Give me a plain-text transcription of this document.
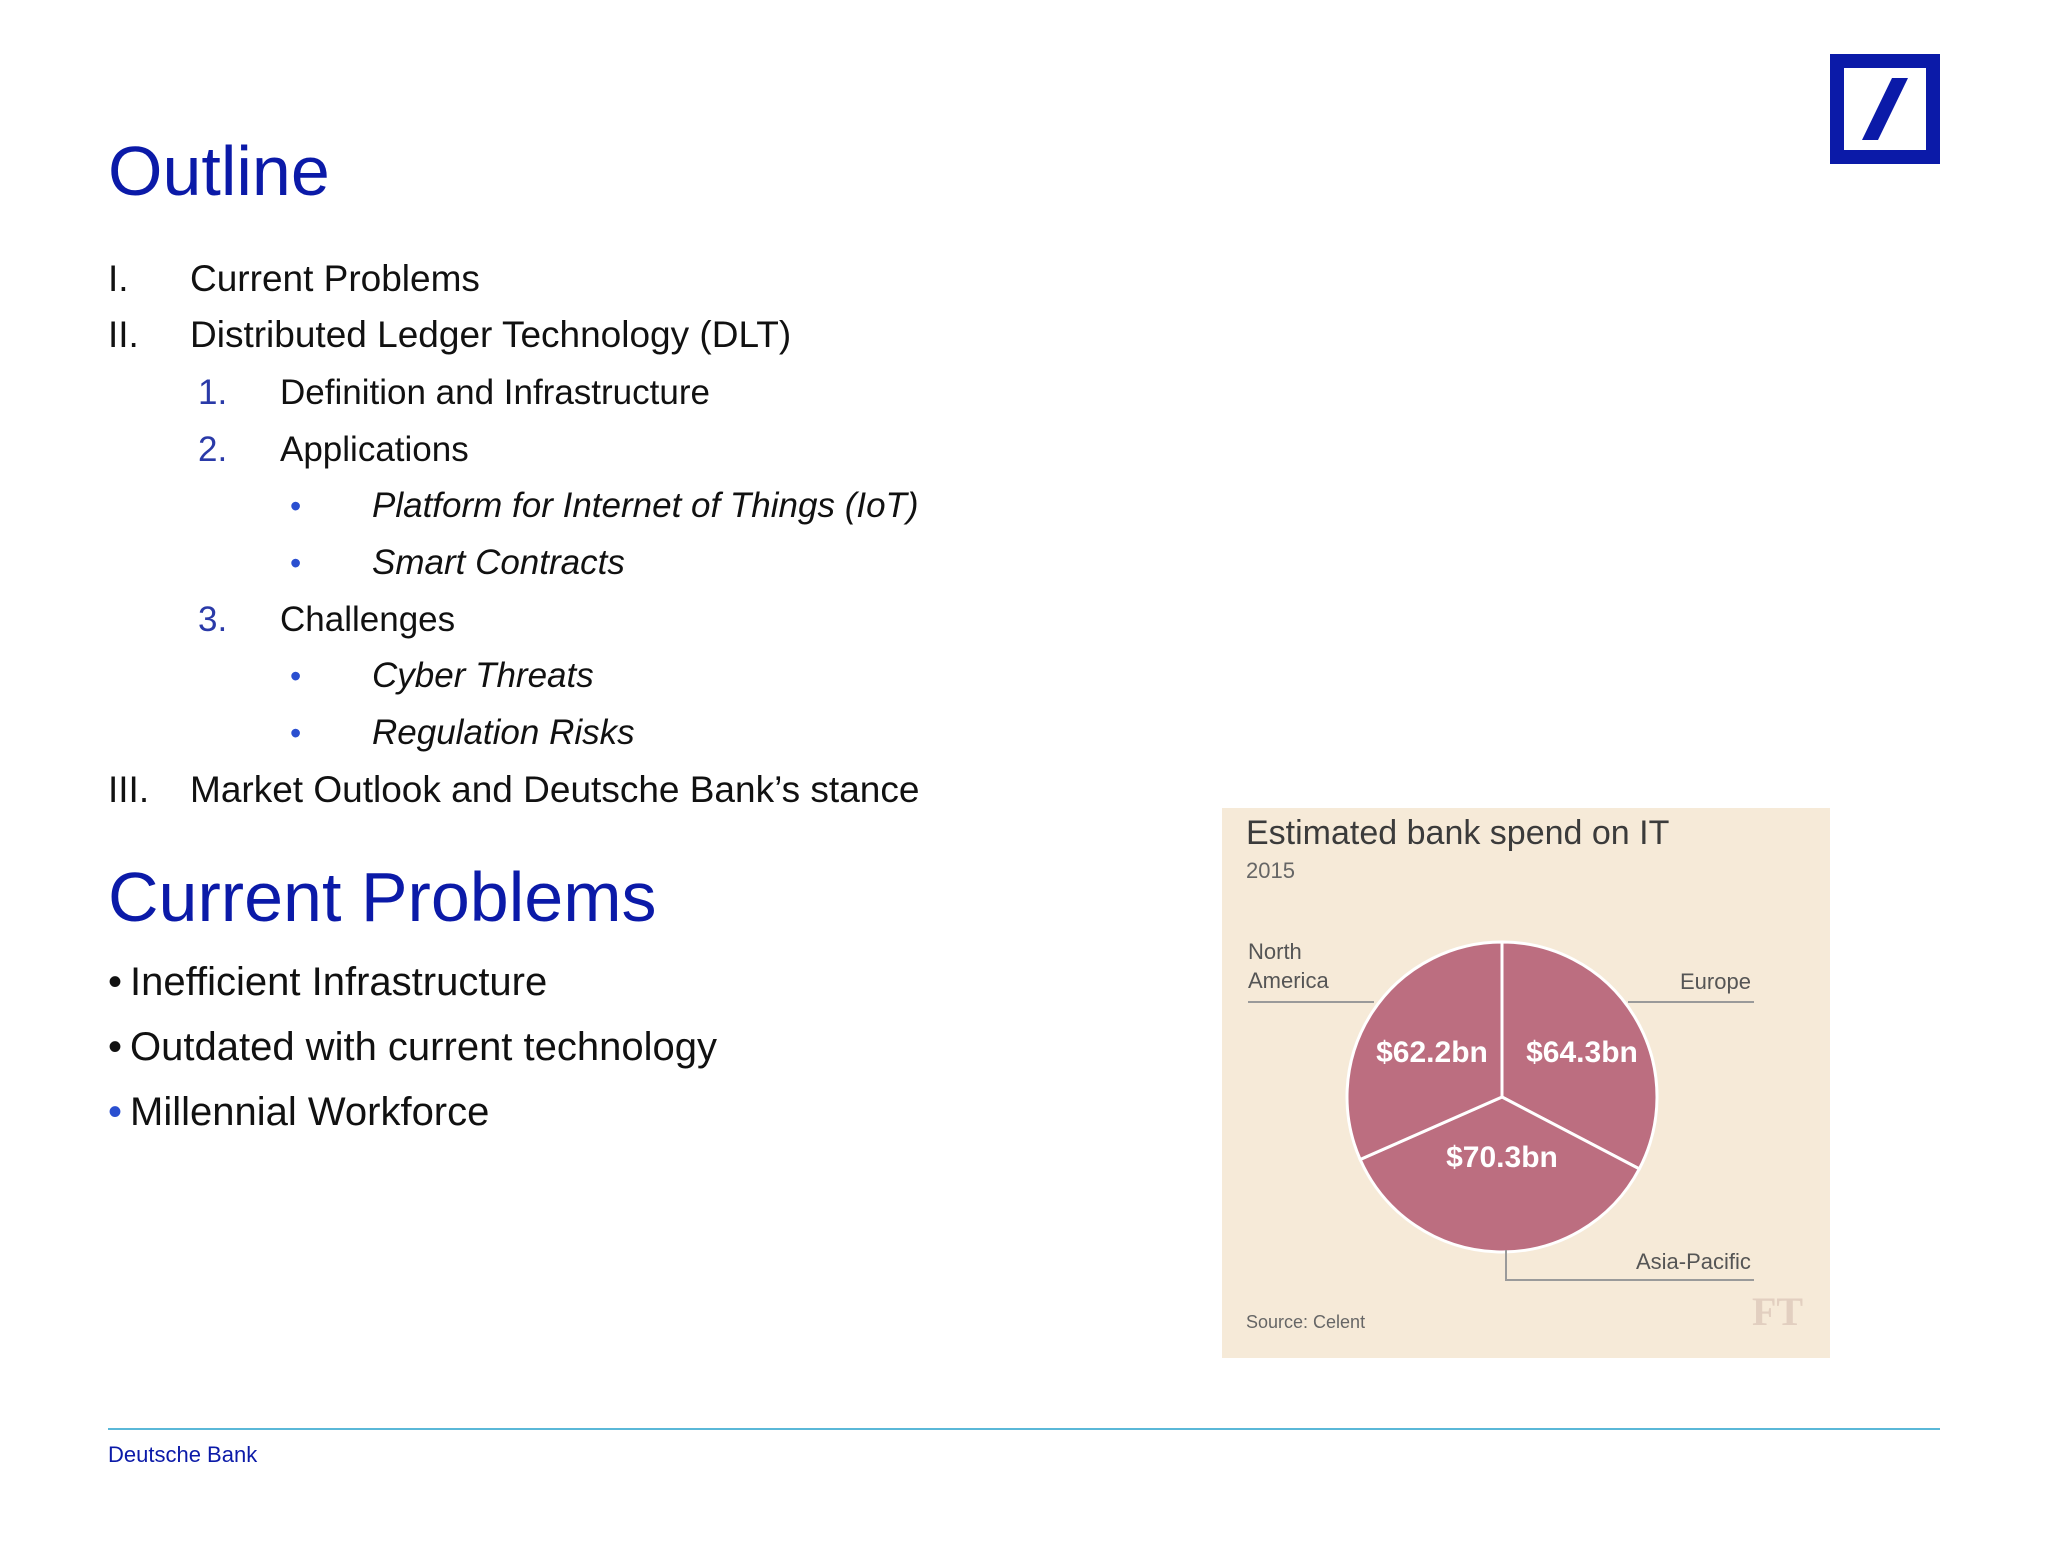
Outline
I. Current Problems
II. Distributed Ledger Technology (DLT)
1. Definition and Infrastructure
2. Applications
• Platform for Internet of Things (IoT)
• Smart Contracts
3. Challenges
• Cyber Threats
• Regulation Risks
III. Market Outlook and Deutsche Bank’s stance
Current Problems
• Inefficient Infrastructure
• Outdated with current technology
• Millennial Workforce
$62.2bn $64.3bn
$70.3bn
Estimated bank spend on IT
2015
North
America	Europe
Asia-Pacific
Source: Celent	FT
Deutsche Bank
